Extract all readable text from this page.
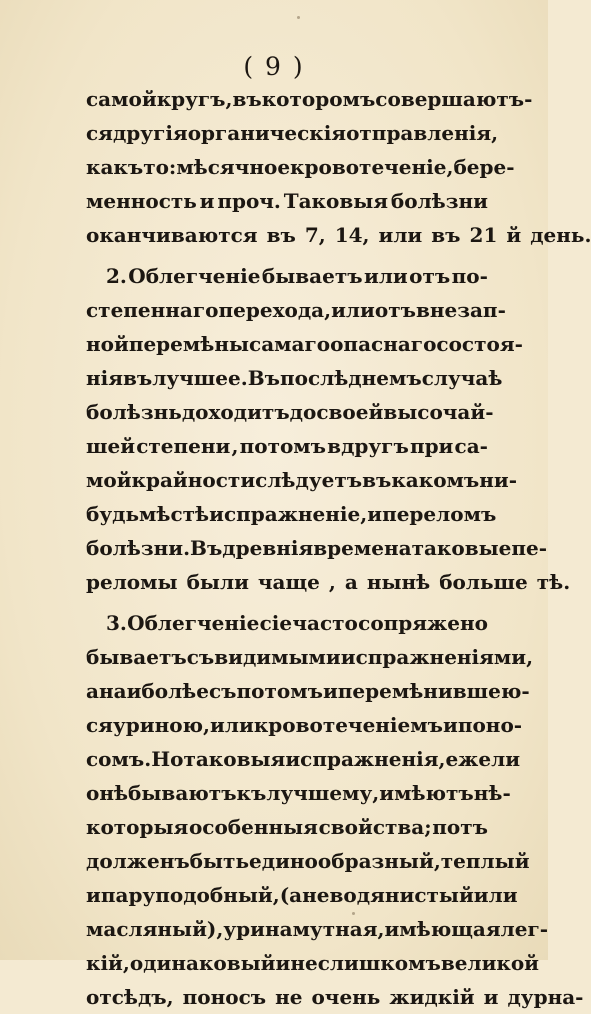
( 9 )
самой кругъ , въ которомъ совершаютъ-
ся другія органическія отправленія ,
какъ то: мѣсячное кровотеченіе , бере-
менность и проч. Таковыя болѣзни
оканчиваются въ 7, 14, или въ 21 й день.
2. Облегченіе бываетъ или отъ по-
степеннаго перехода, или отъ внезап-
ной перемѣны самаго опаснаго состоя-
нія въ лучшее. Въ послѣднемъ случаѣ
болѣзнь доходитъ до своей высочай-
шей степени , потомъ вдругъ при са-
мой крайности слѣдуетъ въ какомъ ни-
будь мѣстѣ испражненіе , и переломъ
болѣзни. Въ древнія времена таковые пе-
реломы были чаще , а нынѣ больше тѣ.
3. Облегченіе сіе часто сопряжено
бываетъ съ видимыми испражненіями ,
а наиболѣе съ потомъ и перемѣнившею-
ся уриною, или кровотеченіемъ и поно-
сомъ. Но таковыя испражненія , ежели
онѣ бываютъ къ лучшему, имѣютъ нѣ-
которыя особенныя свойства; потъ
долженъ быть единообразный , теплый
и пару подобный, (а не водянистый или
масляный), урина мутная, имѣющая лег-
кій , одинаковый и не слишкомъ великой
отсѣдъ, поносъ не очень жидкій и дурна-
